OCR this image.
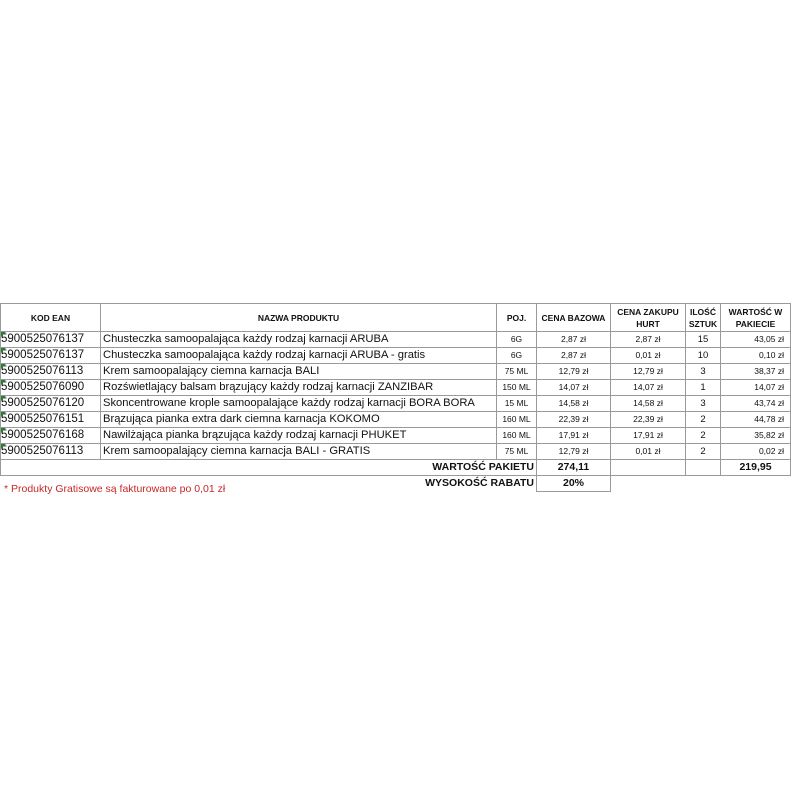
KOD EAN	NAZWA PRODUKTU	POJ.	CENA BAZOWA	CENA ZAKUPU HURT	ILOŚĆ SZTUK	WARTOŚĆ W PAKIECIE

5900525076137	Chusteczka samoopalająca każdy rodzaj karnacji ARUBA	6G	2,87 zł	2,87 zł	15	43,05 zł

5900525076137	Chusteczka samoopalająca każdy rodzaj karnacji ARUBA - gratis	6G	2,87 zł	0,01 zł	10	0,10 zł

5900525076113	Krem samoopalający ciemna karnacja BALI	75 ML	12,79 zł	12,79 zł	3	38,37 zł

5900525076090	Rozświetlający balsam brązujący każdy rodzaj karnacji ZANZIBAR	150 ML	14,07 zł	14,07 zł	1	14,07 zł

5900525076120	Skoncentrowane krople samoopalające każdy rodzaj karnacji BORA BORA	15 ML	14,58 zł	14,58 zł	3	43,74 zł

5900525076151	Brązująca pianka extra dark ciemna karnacja KOKOMO	160 ML	22,39 zł	22,39 zł	2	44,78 zł

5900525076168	Nawilżająca pianka brązująca każdy rodzaj karnacji PHUKET	160 ML	17,91 zł	17,91 zł	2	35,82 zł

5900525076113	Krem samoopalający ciemna karnacja BALI - GRATIS	75 ML	12,79 zł	0,01 zł	2	0,02 zł
WARTOŚĆ PAKIETU			274,11			219,95
WYSOKOŚĆ RABATU			20%			
* Produkty Gratisowe są fakturowane po 0,01 zł
